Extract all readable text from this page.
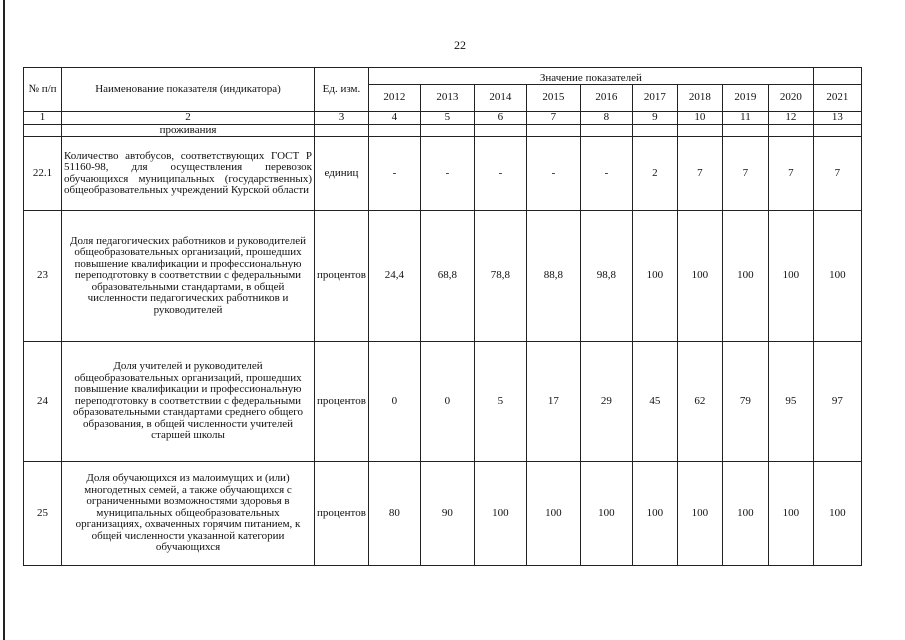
22
№ п/п	Наименование показателя (индикатора)	Ед. изм.	Значение показателей									
			2012	2013	2014	2015	2016	2017	2018	2019	2020	2021
1	2	3	4	5	6	7	8	9	10	11	12	13
	проживания											
22.1	Количество автобусов, соответствующих ГОСТ Р 51160-98, для осуществления перевозок обучающихся муниципальных (государственных) общеобразовательных учреждений Курской области	единиц	-	-	-	-	-	2	7	7	7	7
23	Доля педагогических работников и руководителей общеобразовательных организаций, прошедших повышение квалификации и профессиональную переподготовку в соответствии с федеральными образовательными стандартами, в общей численности педагогических работников и руководителей	процентов	24,4	68,8	78,8	88,8	98,8	100	100	100	100	100
24	Доля учителей и руководителей общеобразовательных организаций, прошедших повышение квалификации и профессиональную переподготовку в соответствии с федеральными образовательными стандартами среднего общего образования, в общей численности учителей старшей школы	процентов	0	0	5	17	29	45	62	79	95	97
25	Доля обучающихся из малоимущих и (или) многодетных семей, а также обучающихся с ограниченными возможностями здоровья в муниципальных общеобразовательных организациях, охваченных горячим питанием, к общей численности указанной категории обучающихся	процентов	80	90	100	100	100	100	100	100	100	100
